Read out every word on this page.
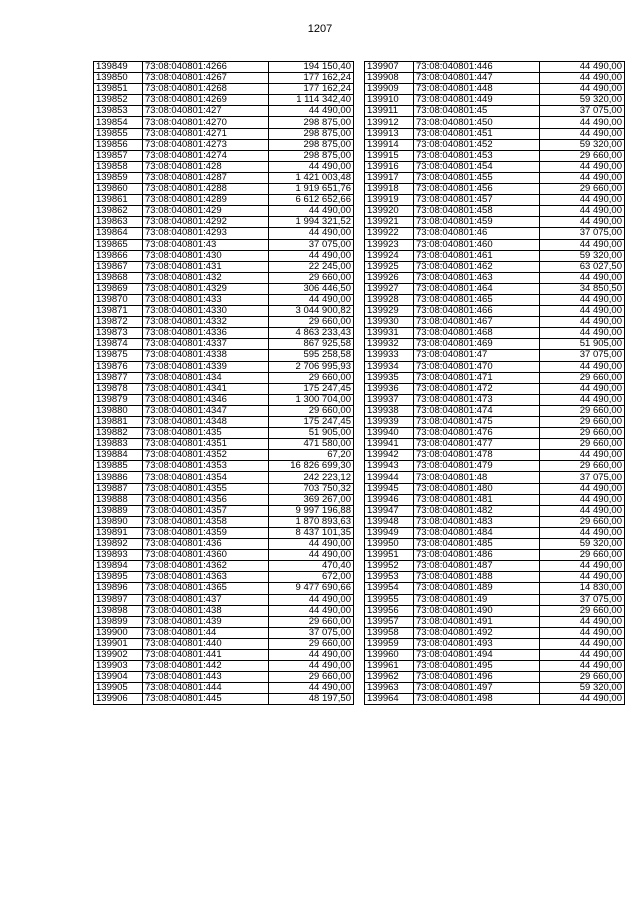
1207
139849	73:08:040801:4266	194 150,40
139850	73:08:040801:4267	177 162,24
139851	73:08:040801:4268	177 162,24
139852	73:08:040801:4269	1 114 342,40
139853	73:08:040801:427	44 490,00
139854	73:08:040801:4270	298 875,00
139855	73:08:040801:4271	298 875,00
139856	73:08:040801:4273	298 875,00
139857	73:08:040801:4274	298 875,00
139858	73:08:040801:428	44 490,00
139859	73:08:040801:4287	1 421 003,48
139860	73:08:040801:4288	1 919 651,76
139861	73:08:040801:4289	6 612 652,66
139862	73:08:040801:429	44 490,00
139863	73:08:040801:4292	1 994 321,52
139864	73:08:040801:4293	44 490,00
139865	73:08:040801:43	37 075,00
139866	73:08:040801:430	44 490,00
139867	73:08:040801:431	22 245,00
139868	73:08:040801:432	29 660,00
139869	73:08:040801:4329	306 446,50
139870	73:08:040801:433	44 490,00
139871	73:08:040801:4330	3 044 900,82
139872	73:08:040801:4332	29 660,00
139873	73:08:040801:4336	4 863 233,43
139874	73:08:040801:4337	867 925,58
139875	73:08:040801:4338	595 258,58
139876	73:08:040801:4339	2 706 995,93
139877	73:08:040801:434	29 660,00
139878	73:08:040801:4341	175 247,45
139879	73:08:040801:4346	1 300 704,00
139880	73:08:040801:4347	29 660,00
139881	73:08:040801:4348	175 247,45
139882	73:08:040801:435	51 905,00
139883	73:08:040801:4351	471 580,00
139884	73:08:040801:4352	67,20
139885	73:08:040801:4353	16 826 699,30
139886	73:08:040801:4354	242 223,12
139887	73:08:040801:4355	703 750,32
139888	73:08:040801:4356	369 267,00
139889	73:08:040801:4357	9 997 196,88
139890	73:08:040801:4358	1 870 893,63
139891	73:08:040801:4359	8 437 101,35
139892	73:08:040801:436	44 490,00
139893	73:08:040801:4360	44 490,00
139894	73:08:040801:4362	470,40
139895	73:08:040801:4363	672,00
139896	73:08:040801:4365	9 477 690,66
139897	73:08:040801:437	44 490,00
139898	73:08:040801:438	44 490,00
139899	73:08:040801:439	29 660,00
139900	73:08:040801:44	37 075,00
139901	73:08:040801:440	29 660,00
139902	73:08:040801:441	44 490,00
139903	73:08:040801:442	44 490,00
139904	73:08:040801:443	29 660,00
139905	73:08:040801:444	44 490,00
139906	73:08:040801:445	48 197,50
139907	73:08:040801:446	44 490,00
139908	73:08:040801:447	44 490,00
139909	73:08:040801:448	44 490,00
139910	73:08:040801:449	59 320,00
139911	73:08:040801:45	37 075,00
139912	73:08:040801:450	44 490,00
139913	73:08:040801:451	44 490,00
139914	73:08:040801:452	59 320,00
139915	73:08:040801:453	29 660,00
139916	73:08:040801:454	44 490,00
139917	73:08:040801:455	44 490,00
139918	73:08:040801:456	29 660,00
139919	73:08:040801:457	44 490,00
139920	73:08:040801:458	44 490,00
139921	73:08:040801:459	44 490,00
139922	73:08:040801:46	37 075,00
139923	73:08:040801:460	44 490,00
139924	73:08:040801:461	59 320,00
139925	73:08:040801:462	63 027,50
139926	73:08:040801:463	44 490,00
139927	73:08:040801:464	34 850,50
139928	73:08:040801:465	44 490,00
139929	73:08:040801:466	44 490,00
139930	73:08:040801:467	44 490,00
139931	73:08:040801:468	44 490,00
139932	73:08:040801:469	51 905,00
139933	73:08:040801:47	37 075,00
139934	73:08:040801:470	44 490,00
139935	73:08:040801:471	29 660,00
139936	73:08:040801:472	44 490,00
139937	73:08:040801:473	44 490,00
139938	73:08:040801:474	29 660,00
139939	73:08:040801:475	29 660,00
139940	73:08:040801:476	29 660,00
139941	73:08:040801:477	29 660,00
139942	73:08:040801:478	44 490,00
139943	73:08:040801:479	29 660,00
139944	73:08:040801:48	37 075,00
139945	73:08:040801:480	44 490,00
139946	73:08:040801:481	44 490,00
139947	73:08:040801:482	44 490,00
139948	73:08:040801:483	29 660,00
139949	73:08:040801:484	44 490,00
139950	73:08:040801:485	59 320,00
139951	73:08:040801:486	29 660,00
139952	73:08:040801:487	44 490,00
139953	73:08:040801:488	44 490,00
139954	73:08:040801:489	14 830,00
139955	73:08:040801:49	37 075,00
139956	73:08:040801:490	29 660,00
139957	73:08:040801:491	44 490,00
139958	73:08:040801:492	44 490,00
139959	73:08:040801:493	44 490,00
139960	73:08:040801:494	44 490,00
139961	73:08:040801:495	44 490,00
139962	73:08:040801:496	29 660,00
139963	73:08:040801:497	59 320,00
139964	73:08:040801:498	44 490,00
